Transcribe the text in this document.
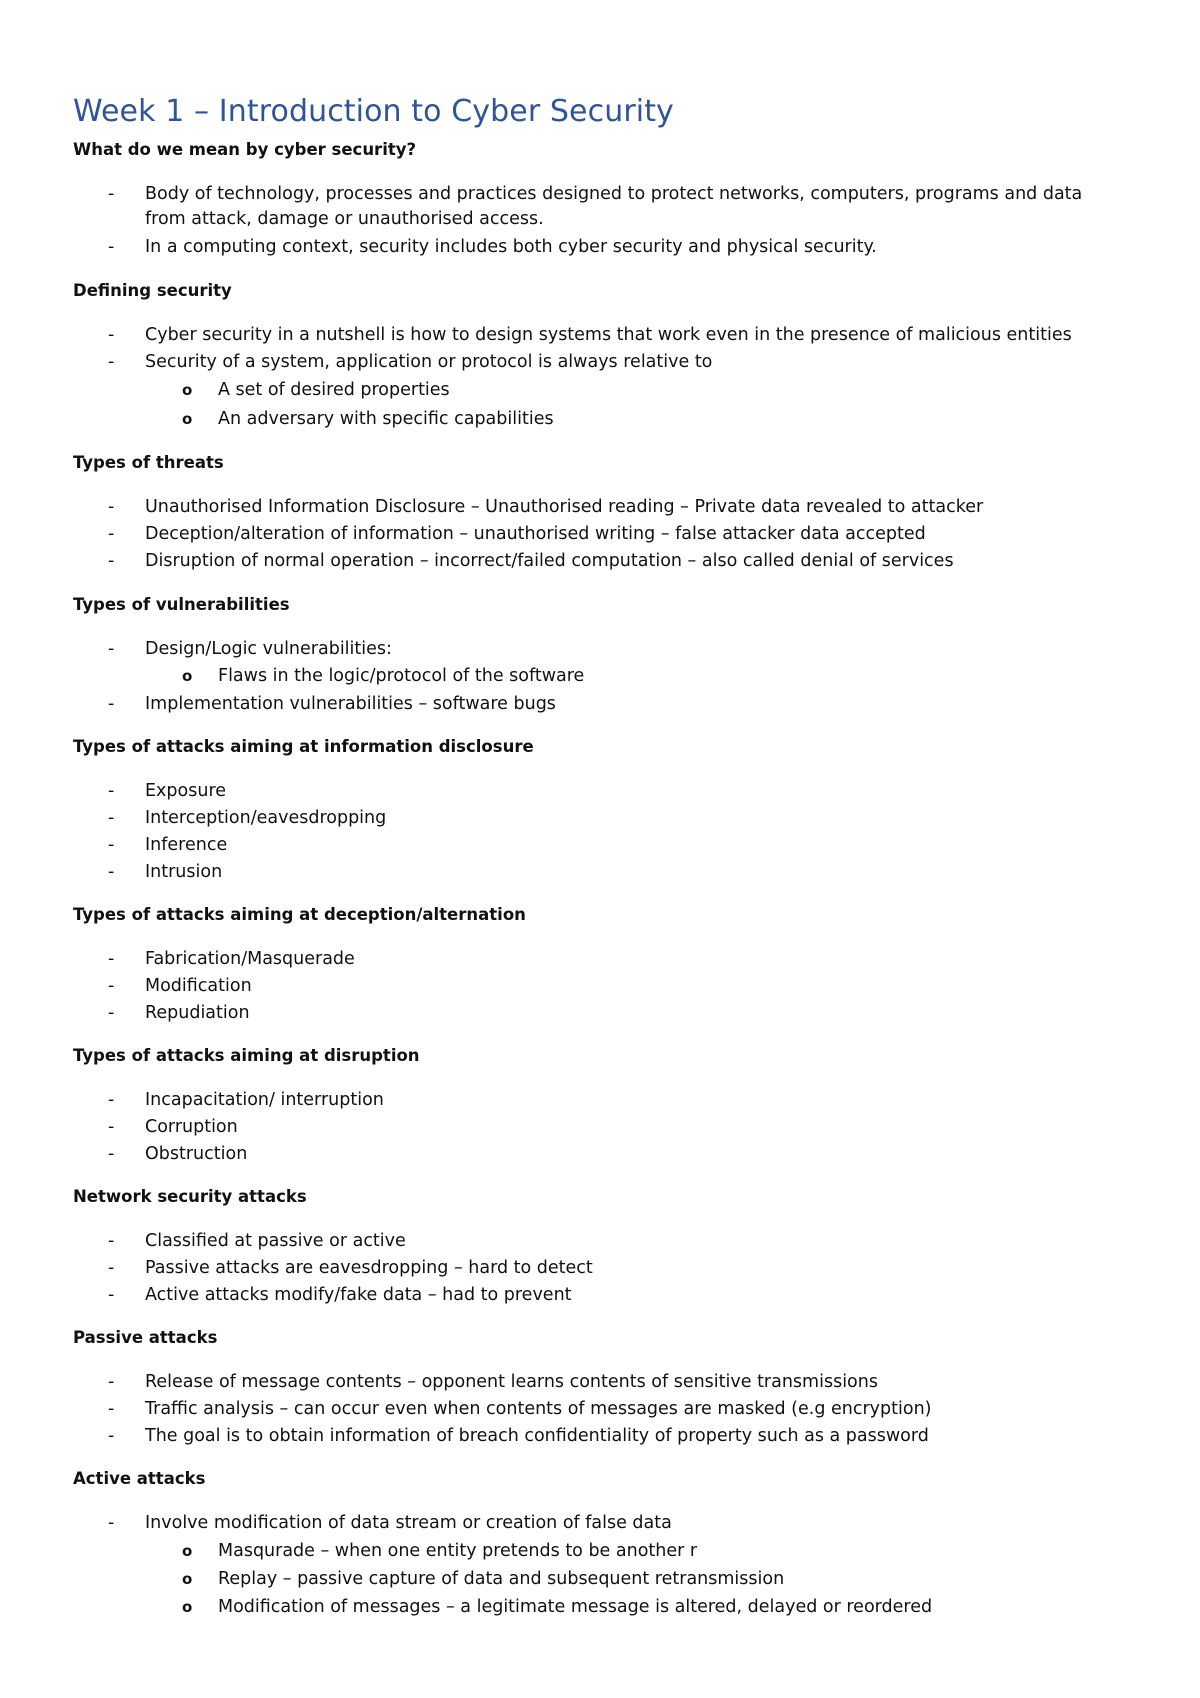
Week 1 – Introduction to Cyber Security

What do we mean by cyber security?

- Body of technology, processes and practices designed to protect networks, computers, programs and data

from attack, damage or unauthorised access.

- In a computing context, security includes both cyber security and physical security.

Defining security

- Cyber security in a nutshell is how to design systems that work even in the presence of malicious entities

- Security of a system, application or protocol is always relative to

o A set of desired properties

o An adversary with specific capabilities

Types of threats

- Unauthorised Information Disclosure – Unauthorised reading – Private data revealed to attacker

- Deception/alteration of information – unauthorised writing – false attacker data accepted

- Disruption of normal operation – incorrect/failed computation – also called denial of services

Types of vulnerabilities

- Design/Logic vulnerabilities:

o Flaws in the logic/protocol of the software

- Implementation vulnerabilities – software bugs

Types of attacks aiming at information disclosure

- Exposure

- Interception/eavesdropping

- Inference

- Intrusion

Types of attacks aiming at deception/alternation

- Fabrication/Masquerade

- Modification

- Repudiation

Types of attacks aiming at disruption

- Incapacitation/ interruption

- Corruption

- Obstruction

Network security attacks

- Classified at passive or active

- Passive attacks are eavesdropping – hard to detect

- Active attacks modify/fake data – had to prevent

Passive attacks

- Release of message contents – opponent learns contents of sensitive transmissions

- Traffic analysis – can occur even when contents of messages are masked (e.g encryption)

- The goal is to obtain information of breach confidentiality of property such as a password

Active attacks

- Involve modification of data stream or creation of false data

o Masqurade – when one entity pretends to be another r

o Replay – passive capture of data and subsequent retransmission

o Modification of messages – a legitimate message is altered, delayed or reordered
